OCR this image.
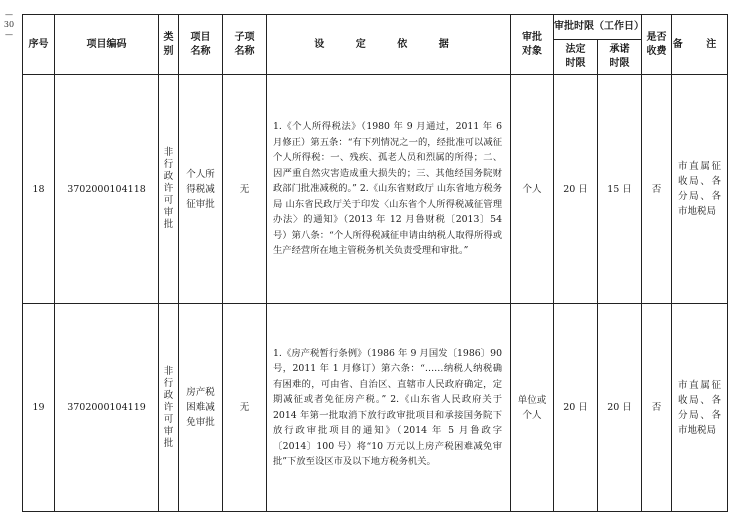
— 30 —
序号	项目编码	类别	项目名称	子项名称	设 定 依 据	审批对象	审批时限（工作日）		是否收费	备 注

							法定时限	承诺时限		

18	3702000104118	非行政许可审批	个人所得税减征审批	无	1.《个人所得税法》（1980 年 9 月通过，2011 年 6 月修正）第五条：“有下列情况之一的，经批准可以减征个人所得税：一、残疾、孤老人员和烈属的所得；二、因严重自然灾害造成重大损失的；三、其他经国务院财政部门批准减税的。” 2.《山东省财政厅 山东省地方税务局 山东省民政厅关于印发〈山东省个人所得税减征管理办法〉的通知》（2013 年 12 月鲁财税〔2013〕54 号）第八条：“个人所得税减征申请由纳税人取得所得或生产经营所在地主管税务机关负责受理和审批。”	个人	20 日	15 日	否	市直属征收局、各分局、各市地税局

19	3702000104119	非行政许可审批	房产税困难减免审批	无	1.《房产税暂行条例》（1986 年 9 月国发〔1986〕90 号，2011 年 1 月修订）第六条：“……纳税人纳税确有困难的，可由省、自治区、直辖市人民政府确定，定期减征或者免征房产税。” 2.《山东省人民政府关于 2014 年第一批取消下放行政审批项目和承接国务院下放行政审批项目的通知》（2014 年 5 月鲁政字〔2014〕100 号）将“10 万元以上房产税困难减免审批”下放至设区市及以下地方税务机关。	单位或个人	20 日	20 日	否	市直属征收局、各分局、各市地税局
